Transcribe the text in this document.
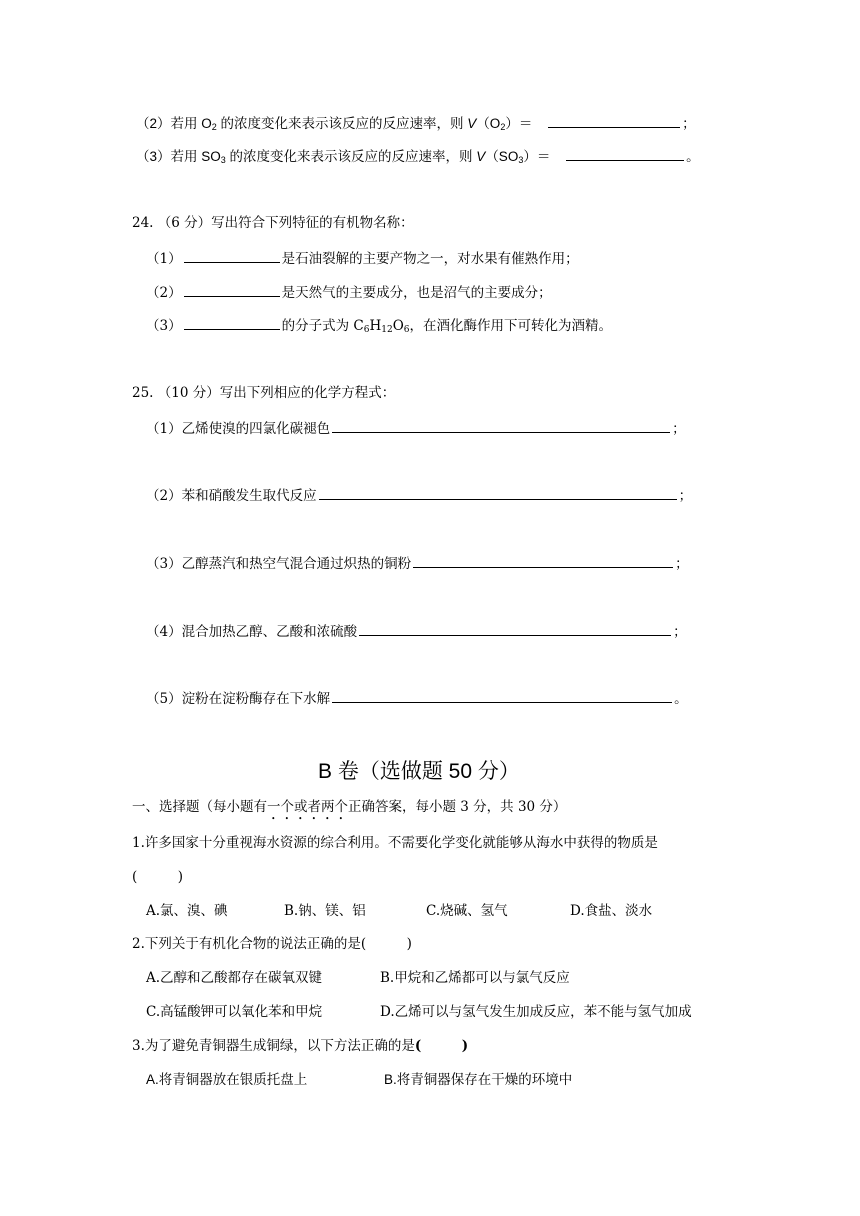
（2）若用 $O_2$ 的浓度变化来表示该反应的反应速率，则 $V(O_2)=$	；
（3）若用 $SO_3$ 的浓度变化来表示该反应的反应速率，则 $V(SO_3)=$	。
24. （6 分）写出符合下列特征的有机物名称：
（1）	是石油裂解的主要产物之一，对水果有催熟作用；
（2）	是天然气的主要成分，也是沼气的主要成分；
（3）	的分子式为 $C_6H_{12}O_6$，在酒化酶作用下可转化为酒精。
25. （10 分）写出下列相应的化学方程式：
（1）乙烯使溴的四氯化碳褪色	；
（2）苯和硝酸发生取代反应	；
（3）乙醇蒸汽和热空气混合通过炽热的铜粉	；
（4）混合加热乙醇、乙酸和浓硫酸	；
（5）淀粉在淀粉酶存在下水解	。
B 卷（选做题 50 分）
一、选择题（每小题有一个或者两个正确答案，每小题 3 分，共 30 分）
1.许多国家十分重视海水资源的综合利用。不需要化学变化就能够从海水中获得的物质是
(　　　)
A.氯、溴、碘	B.钠、镁、铝	C.烧碱、氢气	D.食盐、淡水
2.下列关于有机化合物的说法正确的是(　　　)
A.乙醇和乙酸都存在碳氧双键	B.甲烷和乙烯都可以与氯气反应
C.高锰酸钾可以氧化苯和甲烷	D.乙烯可以与氢气发生加成反应，苯不能与氢气加成
3.为了避免青铜器生成铜绿，以下方法正确的是(　　　)
A.将青铜器放在银质托盘上	B.将青铜器保存在干燥的环境中
